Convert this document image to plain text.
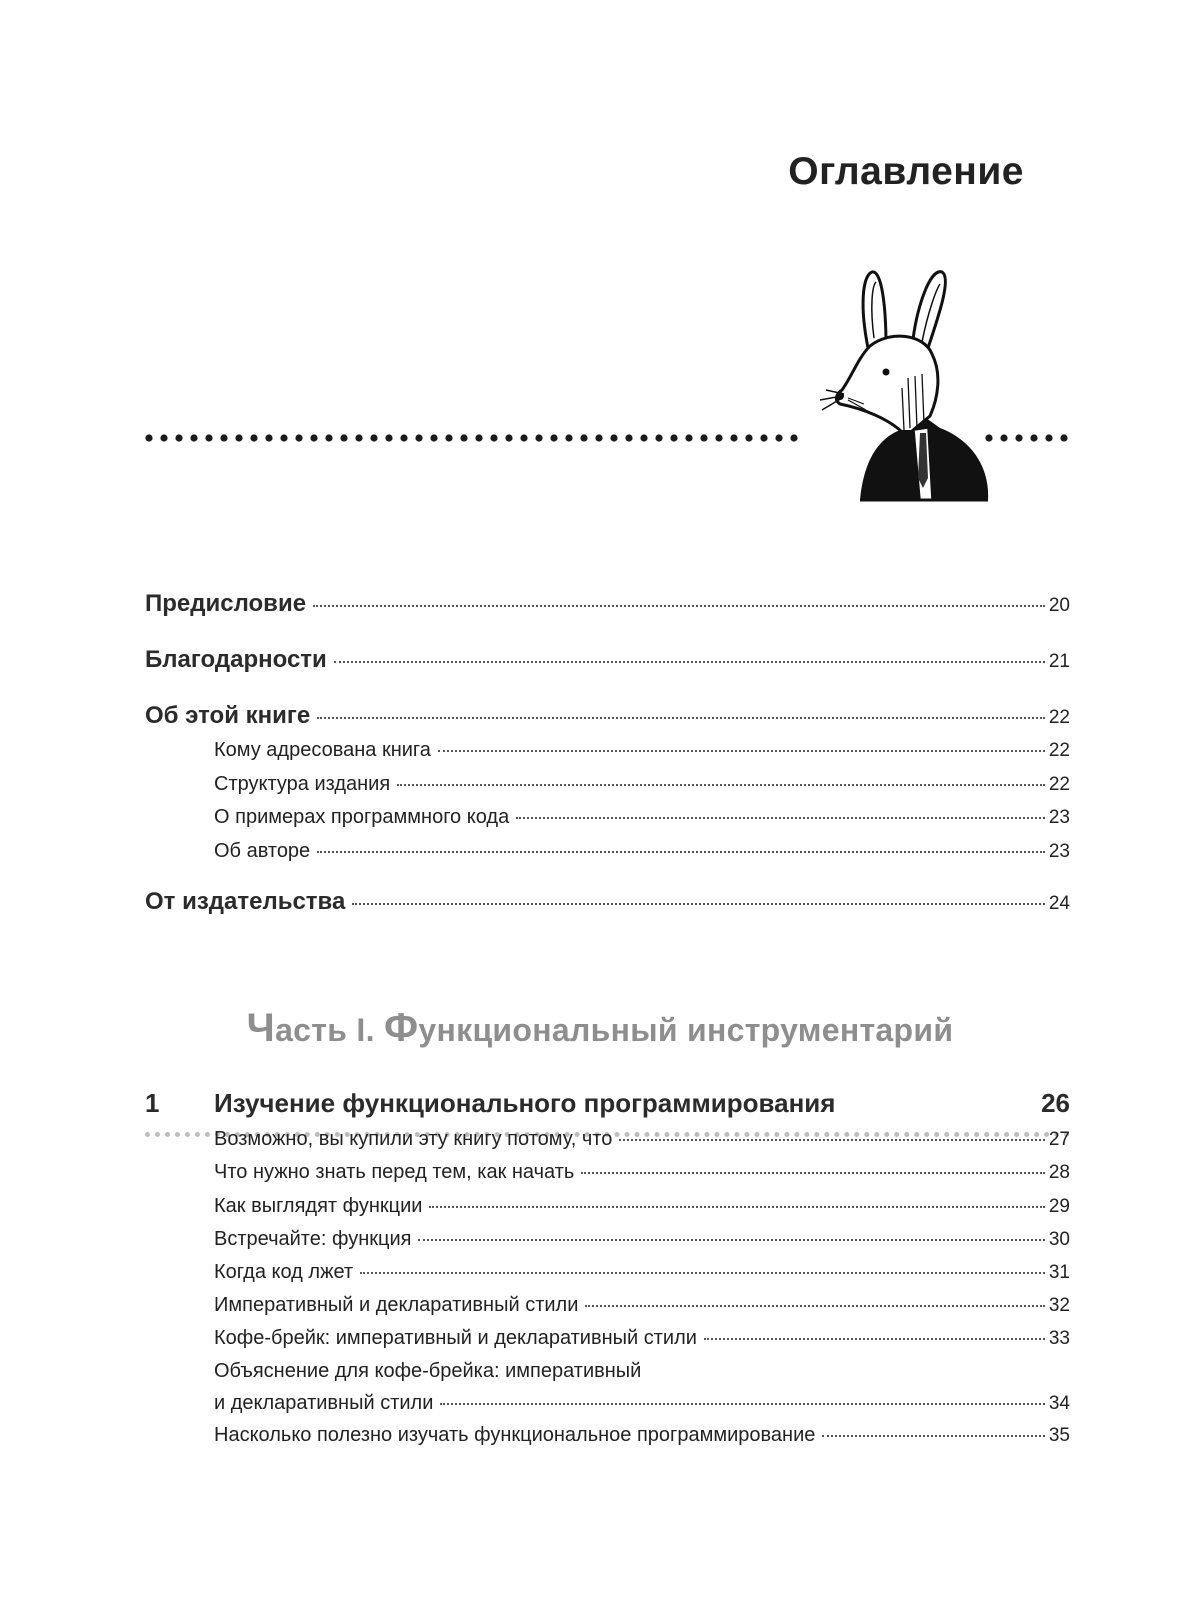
Оглавление
Предисловие	20
Благодарности	21
Об этой книге	22
Кому адресована книга	22
Структура издания	22
О примерах программного кода	23
Об авторе	23
От издательства	24
Часть I. Функциональный инструментарий
1 Изучение функционального программирования	26
Возможно, вы купили эту книгу потому, что	27
Что нужно знать перед тем, как начать	28
Как выглядят функции	29
Встречайте: функция	30
Когда код лжет	31
Императивный и декларативный стили	32
Кофе-брейк: императивный и декларативный стили	33
Объяснение для кофе-брейка: императивный
и декларативный стили	34
Насколько полезно изучать функциональное программирование	35
